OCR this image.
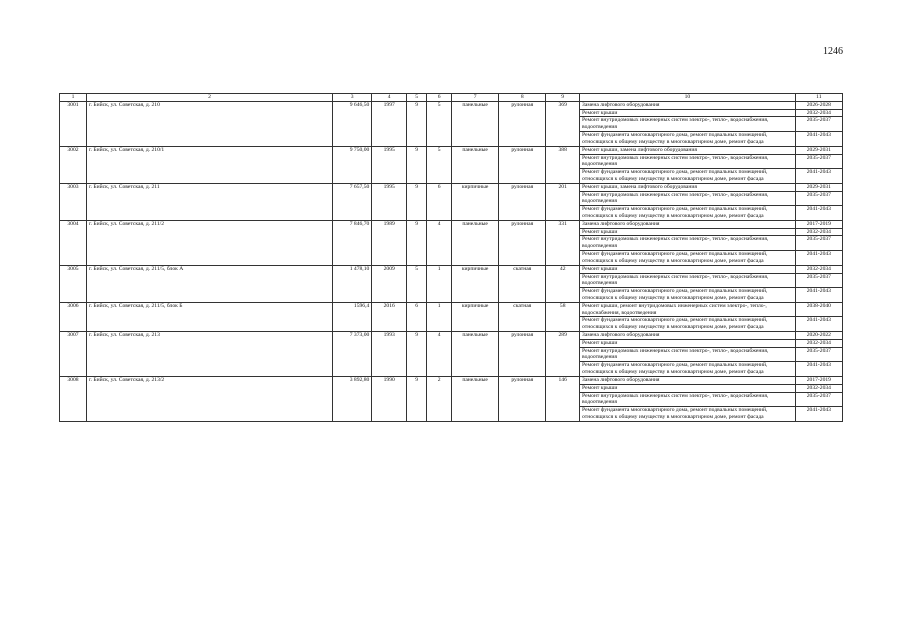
1246
1	2	3	4	5	6	7	8	9	10	11
3001	г. Бийск, ул. Советская, д. 210	9 646,50	1997	9	5	панельные	рулонная	369	Замена лифтового оборудования	2026-2028
									Ремонт крыши	2032-2034
									Ремонт внутридомовых инженерных систем электро-, тепло-, водоснабжения, водоотведения	2035-2037
									Ремонт фундамента многоквартирного дома, ремонт подвальных помещений, относящихся к общему имуществу в многоквартирном доме, ремонт фасада	2041-2043
3002	г. Бийск, ул. Советская, д. 210/1	9 750,00	1995	9	5	панельные	рулонная	388	Ремонт крыши, замена лифтового оборудования	2029-2031
									Ремонт внутридомовых инженерных систем электро-, тепло-, водоснабжения, водоотведения	2035-2037
									Ремонт фундамента многоквартирного дома, ремонт подвальных помещений, относящихся к общему имуществу в многоквартирном доме, ремонт фасада	2041-2043
3003	г. Бийск, ул. Советская, д. 211	7 657,50	1995	9	6	кирпичные	рулонная	201	Ремонт крыши, замена лифтового оборудования	2029-2031
									Ремонт внутридомовых инженерных систем электро-, тепло-, водоснабжения, водоотведения	2035-2037
									Ремонт фундамента многоквартирного дома, ремонт подвальных помещений, относящихся к общему имуществу в многоквартирном доме, ремонт фасада	2041-2043
3004	г. Бийск, ул. Советская, д. 211/2	7 846,70	1989	9	4	панельные	рулонная	331	Замена лифтового оборудования	2017-2019
									Ремонт крыши	2032-2034
									Ремонт внутридомовых инженерных систем электро-, тепло-, водоснабжения, водоотведения	2035-2037
									Ремонт фундамента многоквартирного дома, ремонт подвальных помещений, относящихся к общему имуществу в многоквартирном доме, ремонт фасада	2041-2043
3005	г. Бийск, ул. Советская, д. 211/5, блок А	1 478,10	2009	5	1	кирпичные	скатная	42	Ремонт крыши	2032-2034
									Ремонт внутридомовых инженерных систем электро-, тепло-, водоснабжения, водоотведения	2035-2037
									Ремонт фундамента многоквартирного дома, ремонт подвальных помещений, относящихся к общему имуществу в многоквартирном доме, ремонт фасада	2041-2043
3006	г. Бийск, ул. Советская, д. 211/5, блок Б	1596,4	2016	6	1	кирпичные	скатная	58	Ремонт крыши, ремонт внутридомовых инженерных систем электро-, тепло-, водоснабжения, водоотведения	2038-2040
									Ремонт фундамента многоквартирного дома, ремонт подвальных помещений, относящихся к общему имуществу в многоквартирном доме, ремонт фасада	2041-2043
3007	г. Бийск, ул. Советская, д. 213	7 373,00	1993	9	4	панельные	рулонная	289	Замена лифтового оборудования	2020-2022
									Ремонт крыши	2032-2034
									Ремонт внутридомовых инженерных систем электро-, тепло-, водоснабжения, водоотведения	2035-2037
									Ремонт фундамента многоквартирного дома, ремонт подвальных помещений, относящихся к общему имуществу в многоквартирном доме, ремонт фасада	2041-2043
3008	г. Бийск, ул. Советская, д. 213/2	3 892,80	1990	9	2	панельные	рулонная	146	Замена лифтового оборудования	2017-2019
									Ремонт крыши	2032-2034
									Ремонт внутридомовых инженерных систем электро-, тепло-, водоснабжения, водоотведения	2035-2037
									Ремонт фундамента многоквартирного дома, ремонт подвальных помещений, относящихся к общему имуществу в многоквартирном доме, ремонт фасада	2041-2043
